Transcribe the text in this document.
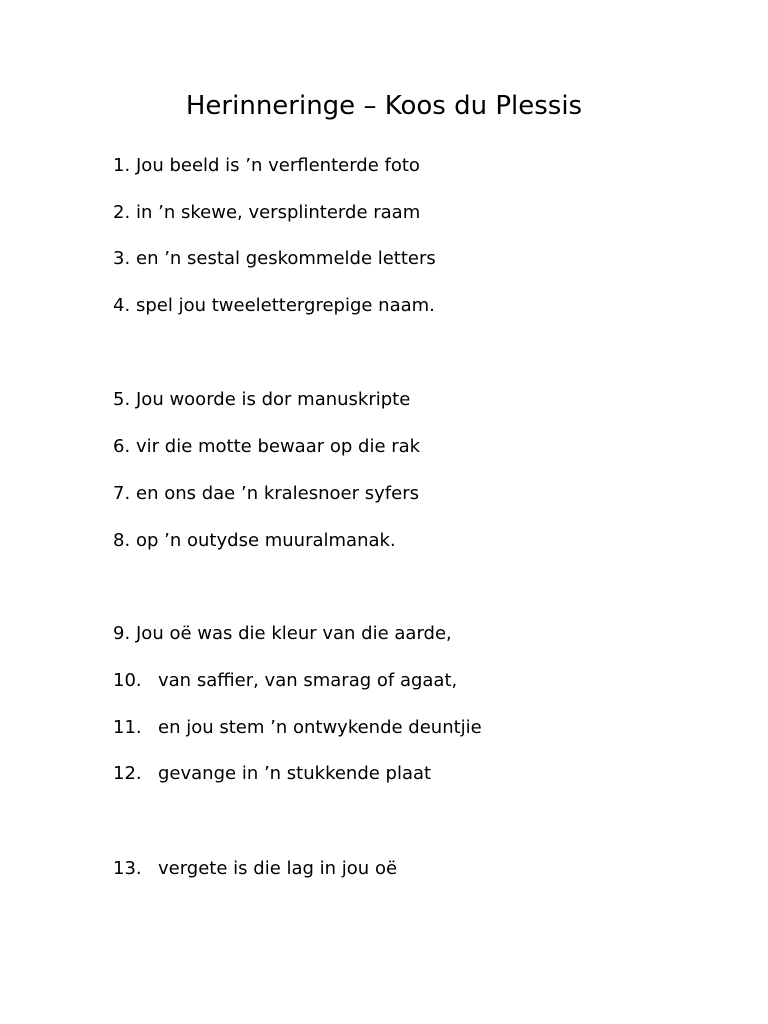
Herinneringe – Koos du Plessis
1. Jou beeld is ’n verflenterde foto
2. in ’n skewe, versplinterde raam
3. en ’n sestal geskommelde letters
4. spel jou tweelettergrepige naam.
5. Jou woorde is dor manuskripte
6. vir die motte bewaar op die rak
7. en ons dae ’n kralesnoer syfers
8. op ’n outydse muuralmanak.
9. Jou oë was die kleur van die aarde,
10. van saffier, van smarag of agaat,
11. en jou stem ’n ontwykende deuntjie
12. gevange in ’n stukkende plaat
13. vergete is die lag in jou oë
